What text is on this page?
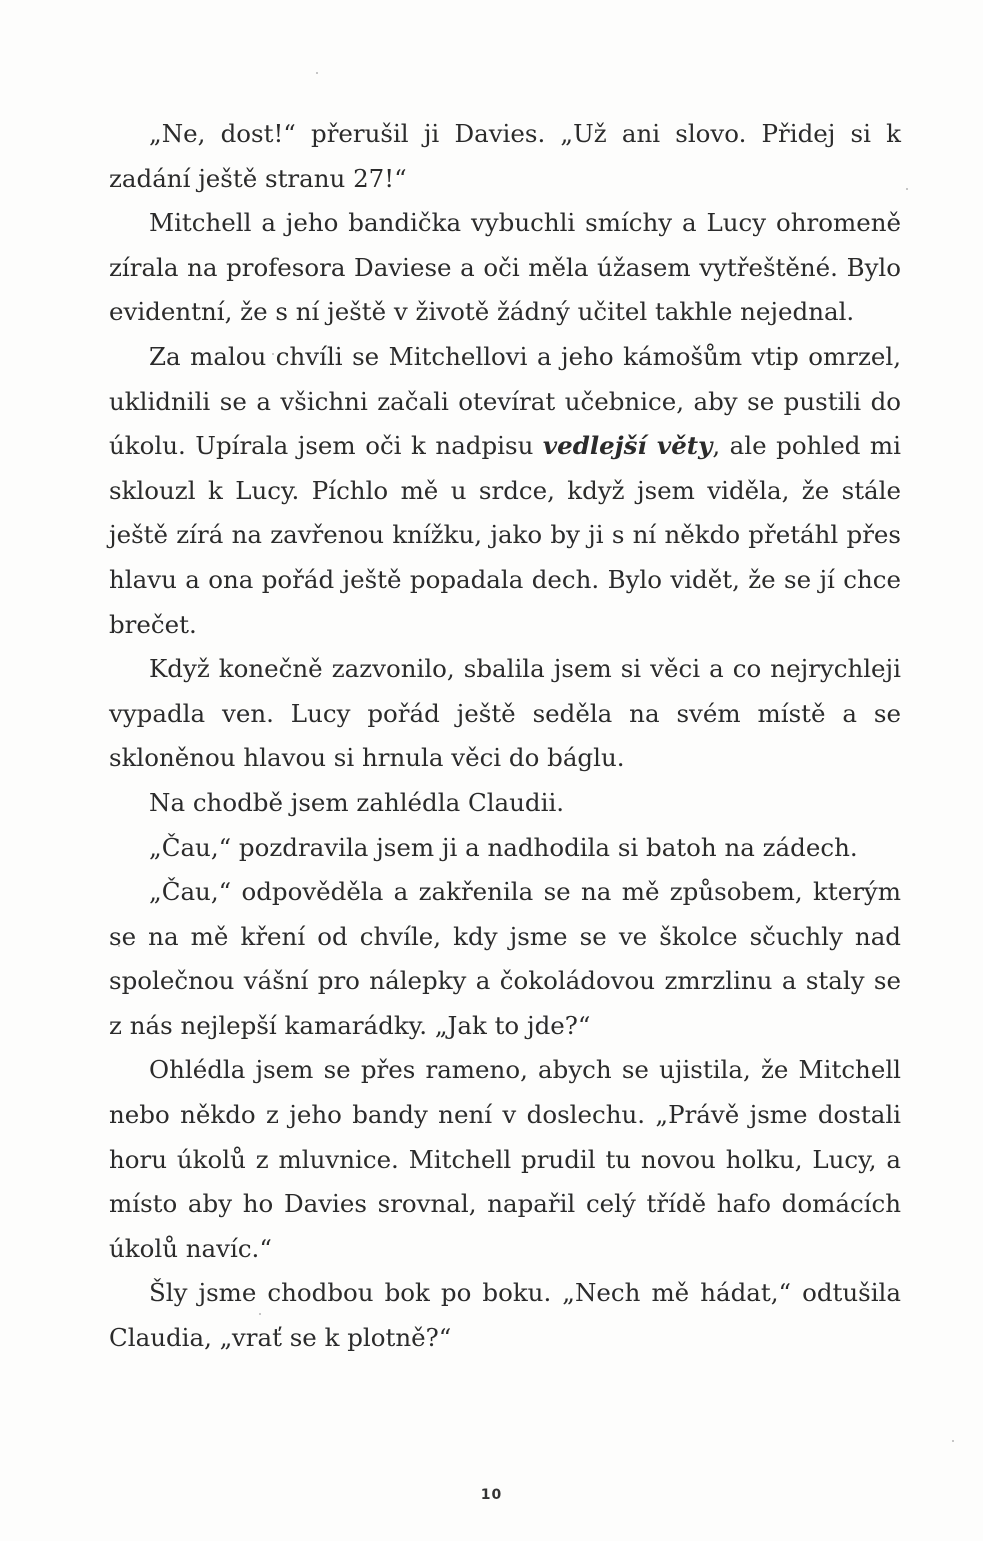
„Ne, dost!“ přerušil ji Davies. „Už ani slovo. Přidej si k zadání ještě stranu 27!“

Mitchell a jeho bandička vybuchli smíchy a Lucy ohromeně zírala na profesora Daviese a oči měla úžasem vytřeštěné. Bylo evidentní, že s ní ještě v životě žádný učitel takhle nejednal.

Za malou chvíli se Mitchellovi a jeho kámošům vtip omrzel, uklidnili se a všichni začali otevírat učebnice, aby se pustili do úkolu. Upírala jsem oči k nadpisu vedlejší věty, ale pohled mi sklouzl k Lucy. Píchlo mě u srdce, když jsem viděla, že stále ještě zírá na zavřenou knížku, jako by ji s ní někdo přetáhl přes hlavu a ona pořád ještě popadala dech. Bylo vidět, že se jí chce brečet.

Když konečně zazvonilo, sbalila jsem si věci a co nejrychleji vypadla ven. Lucy pořád ještě seděla na svém místě a se skloněnou hlavou si hrnula věci do báglu.

Na chodbě jsem zahlédla Claudii.

„Čau,“ pozdravila jsem ji a nadhodila si batoh na zádech.

„Čau,“ odpověděla a zakřenila se na mě způsobem, kterým se na mě kření od chvíle, kdy jsme se ve školce sčuchly nad společnou vášní pro nálepky a čokoládovou zmrzlinu a staly se z nás nejlepší kamarádky. „Jak to jde?“

Ohlédla jsem se přes rameno, abych se ujistila, že Mitchell nebo někdo z jeho bandy není v doslechu. „Právě jsme dostali horu úkolů z mluvnice. Mitchell prudil tu novou holku, Lucy, a místo aby ho Davies srovnal, napařil celý třídě hafo domácích úkolů navíc.“

Šly jsme chodbou bok po boku. „Nech mě hádat,“ odtušila Claudia, „vrať se k plotně?“

10
